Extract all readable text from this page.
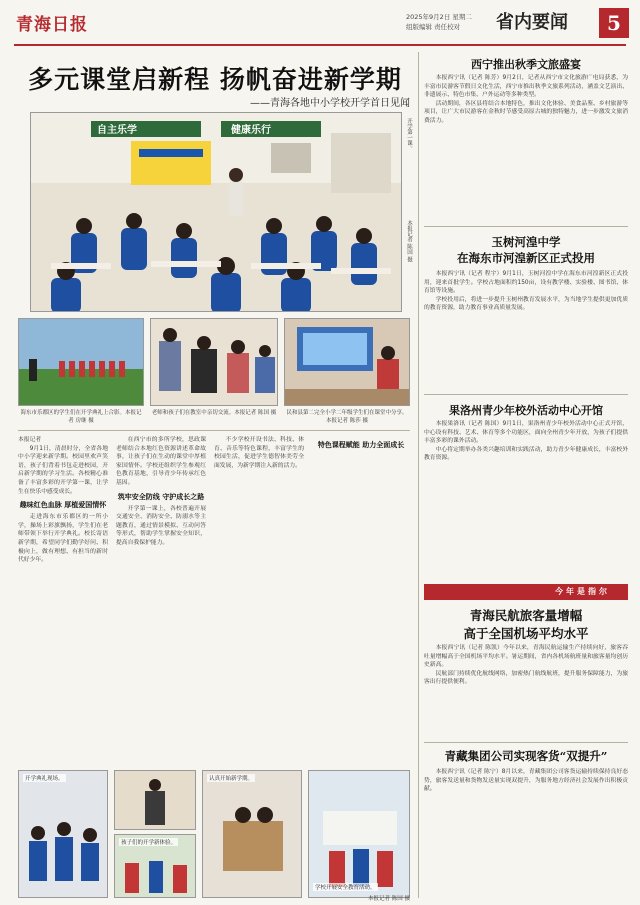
青海日报	2025年9月2日 星期二
组版编辑 责任校对	省内要闻	5
多元课堂启新程 扬帆奋进新学期
——青海各地中小学校开学首日见闻
自主乐学	健康乐行	开学第一课。
本报记者 陈国 摄
海东市乐都区的学生们在开学典礼上合影。本报记者 房继 摄
老师和孩子们在教室中亲切交流。本报记者 陈国 摄	民和县第二完全小学二年级学生们在课堂中分享。本报记者 陈莎 摄
本报记者
9月1日，清晨时分，全省各地中小学迎来新学期。校园里欢声笑语，孩子们背着书包走进校园，开启新学期的学习生活。各校精心准备了丰富多彩的开学第一课，让学生在快乐中感受成长。
趣味红色血脉 厚植爱国情怀
走进海东市乐都区的一所小学，操场上彩旗飘扬，学生们在老师带领下举行开学典礼。校长寄语新学期，希望同学们勤学好问、积极向上，做有理想、有担当的新时代好少年。
在西宁市的多所学校，思政课老师结合本地红色资源讲述革命故事，让孩子们在生动的课堂中厚植家国情怀。学校还组织学生参观红色教育基地，引导青少年传承红色基因。
筑牢安全防线 守护成长之路
开学第一课上，各校普遍开展交通安全、消防安全、防溺水等主题教育，通过情景模拟、互动问答等形式，帮助学生掌握安全知识，提高自我保护能力。
不少学校开设书法、科技、体育、音乐等特色课程，丰富学生的校园生活，促进学生德智体美劳全面发展，为新学期注入新的活力。
特色课程赋能 助力全面成长
开学典礼现场。
孩子们的开学新体验。
认真开始新学期。
学校开展安全教育活动。
本报记者 陈国 摄
西宁推出秋季文旅盛宴
本报西宁讯（记者 陈芳）9月2日，记者从西宁市文化旅游广电局获悉，为丰富市民游客节假日文化生活，西宁市推出秋季文旅系列活动，涵盖文艺演出、非遗展示、特色市集、户外运动等多种类型。
活动期间，各区县将结合本地特色，推出文化体验、美食品鉴、乡村旅游等项目，让广大市民游客在金秋时节感受高原古城的独特魅力，进一步激发文旅消费活力。
玉树河湟中学
在海东市河湟新区正式投用
本报西宁讯（记者 程宇）9月1日，玉树河湟中学在海东市河湟新区正式投用，迎来首批学生。学校占地面积约150亩，设有教学楼、实验楼、图书馆、体育馆等设施。
学校投用后，将进一步提升玉树州教育发展水平，为当地学生提供更加优质的教育资源，助力教育事业高质量发展。
果洛州青少年校外活动中心开馆
本报果洛讯（记者 陈国）9月1日，果洛州青少年校外活动中心正式开馆，中心设有科技、艺术、体育等多个功能区，面向全州青少年开放，为孩子们提供丰富多彩的课外活动。
中心将定期举办各类兴趣培训和实践活动，助力青少年健康成长，丰富校外教育资源。
今年是指尔
青海民航旅客量增幅
高于全国机场平均水平
本报西宁讯（记者 陈凯）今年以来，青海民航运输生产持续向好，旅客吞吐量增幅高于全国机场平均水平。暑运期间，省内各机场航班量和旅客量均创历史新高。
民航部门持续优化航线网络，加密热门航线航班，提升服务保障能力，为旅客出行提供便利。
青藏集团公司实现客货“双提升”
本报西宁讯（记者 陈宁）8月以来，青藏集团公司客货运输持续保持良好态势，旅客发送量和货物发送量实现双提升，为服务地方经济社会发展作出积极贡献。
